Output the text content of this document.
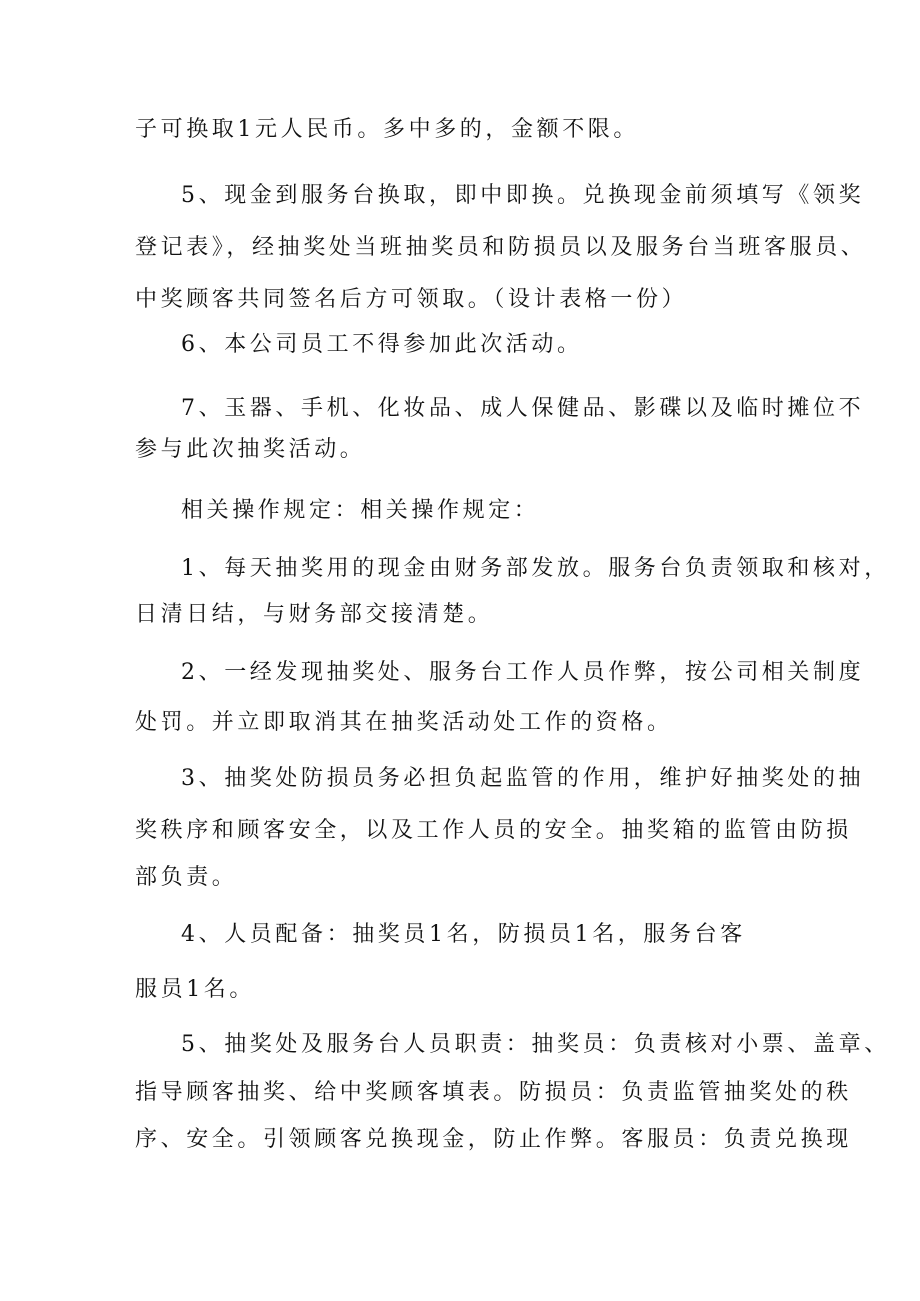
子可换取1元人民币。多中多的，金额不限。
5、现金到服务台换取，即中即换。兑换现金前须填写《领奖
登记表》，经抽奖处当班抽奖员和防损员以及服务台当班客服员、
中奖顾客共同签名后方可领取。（设计表格一份）
6、本公司员工不得参加此次活动。
7、玉器、手机、化妆品、成人保健品、影碟以及临时摊位不
参与此次抽奖活动。
相关操作规定：相关操作规定：
1、每天抽奖用的现金由财务部发放。服务台负责领取和核对，
日清日结，与财务部交接清楚。
2、一经发现抽奖处、服务台工作人员作弊，按公司相关制度
处罚。并立即取消其在抽奖活动处工作的资格。
3、抽奖处防损员务必担负起监管的作用，维护好抽奖处的抽
奖秩序和顾客安全，以及工作人员的安全。抽奖箱的监管由防损
部负责。
4、人员配备：抽奖员1名，防损员1名，服务台客
服员1名。
5、抽奖处及服务台人员职责：抽奖员：负责核对小票、盖章、
指导顾客抽奖、给中奖顾客填表。防损员：负责监管抽奖处的秩
序、安全。引领顾客兑换现金，防止作弊。客服员：负责兑换现
